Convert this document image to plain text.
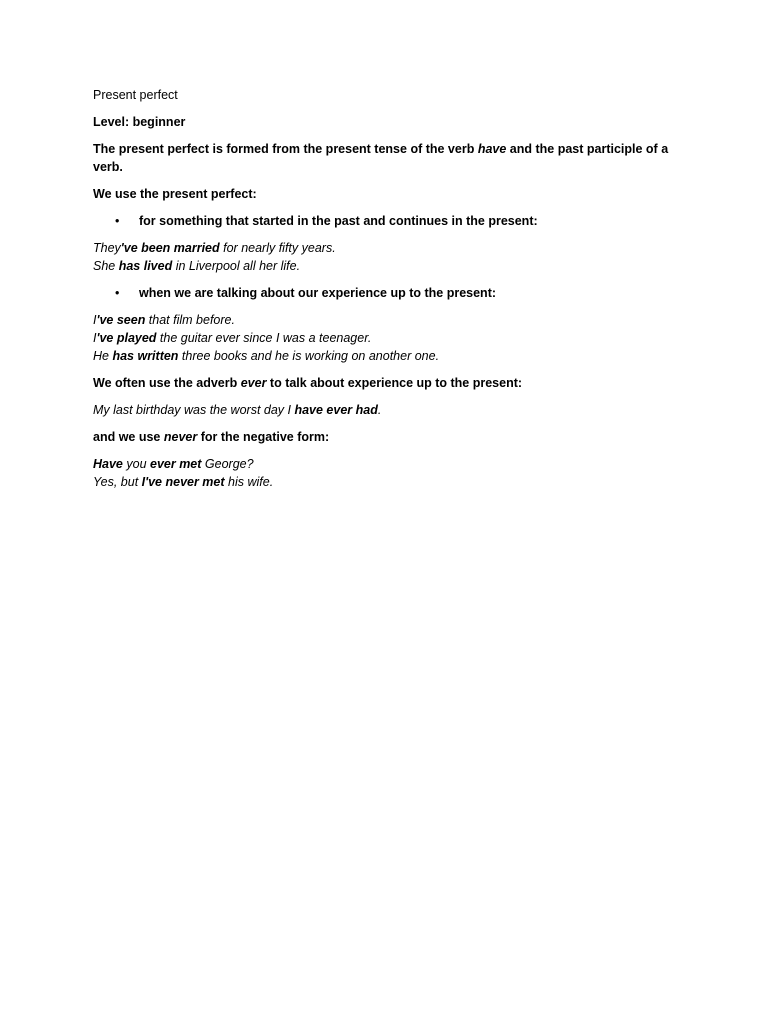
Present perfect

Level: beginner

The present perfect is formed from the present tense of the verb have and the past participle of a verb.

We use the present perfect:

• for something that started in the past and continues in the present:

They've been married for nearly fifty years.
She has lived in Liverpool all her life.

• when we are talking about our experience up to the present:

I've seen that film before.
I've played the guitar ever since I was a teenager.
He has written three books and he is working on another one.

We often use the adverb ever to talk about experience up to the present:

My last birthday was the worst day I have ever had.

and we use never for the negative form:

Have you ever met George?
Yes, but I've never met his wife.
